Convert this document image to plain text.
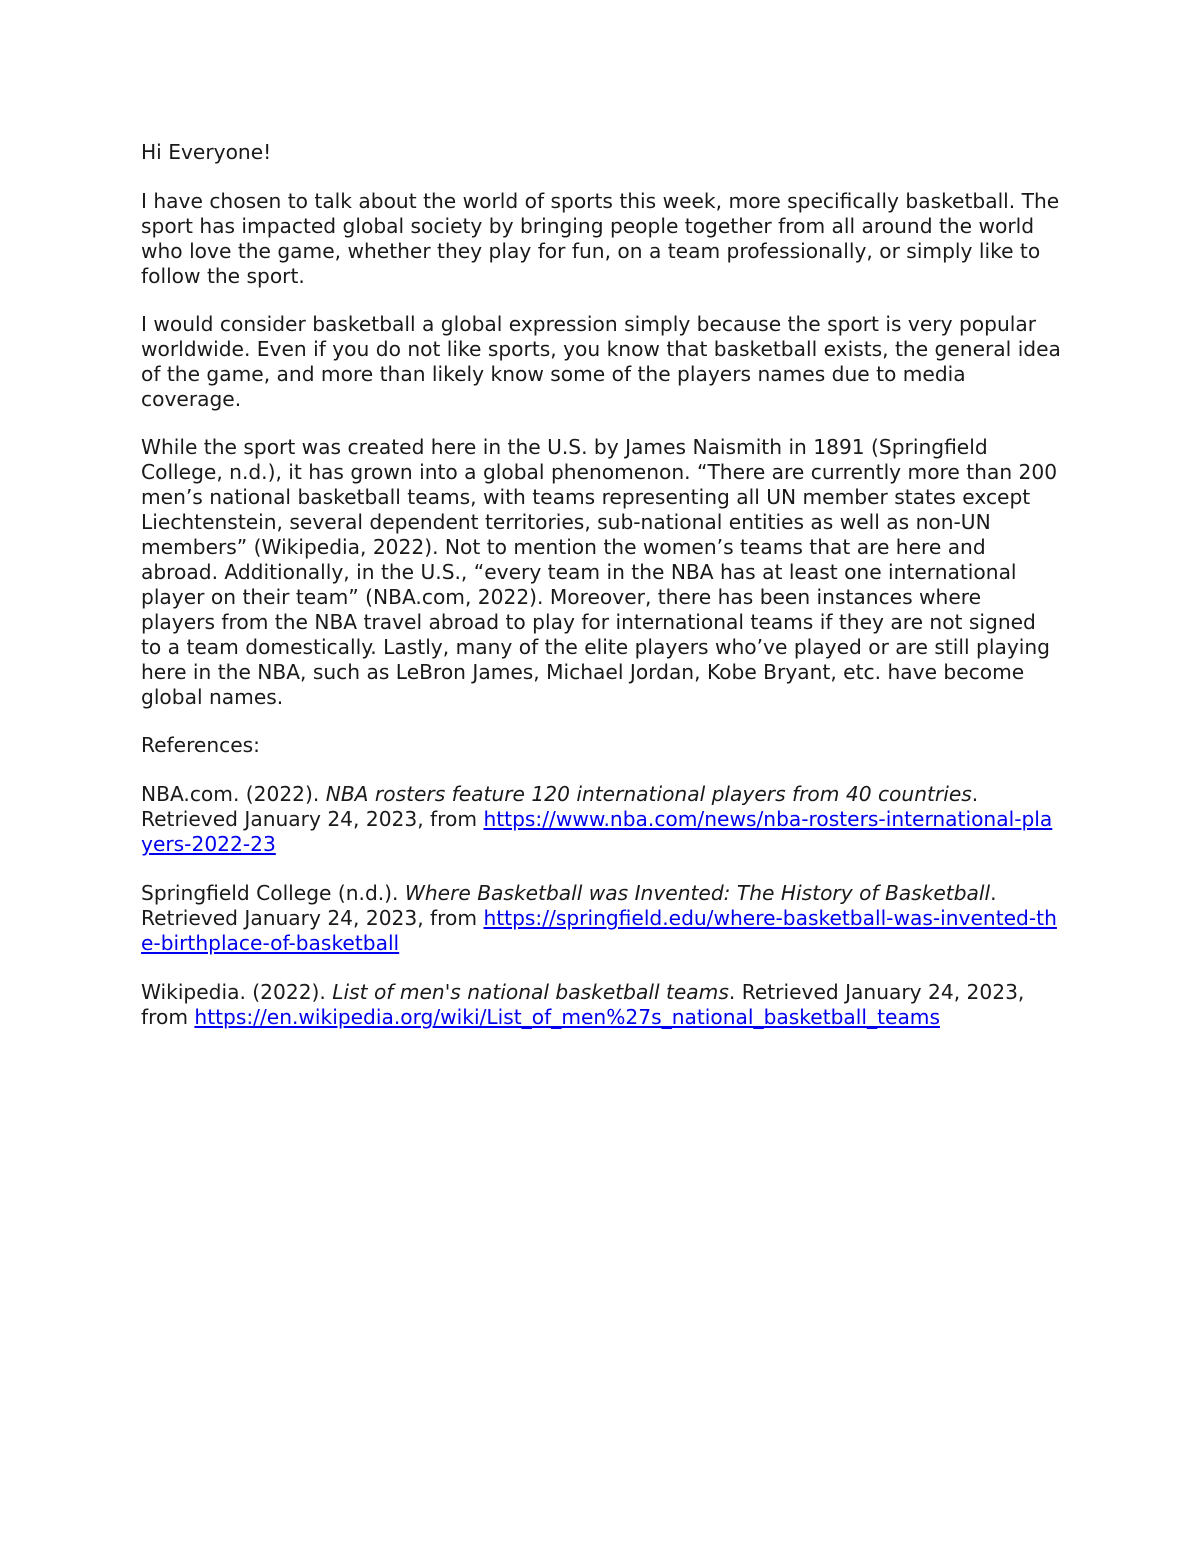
Hi Everyone!

I have chosen to talk about the world of sports this week, more specifically basketball. The sport has impacted global society by bringing people together from all around the world who love the game, whether they play for fun, on a team professionally, or simply like to follow the sport.

I would consider basketball a global expression simply because the sport is very popular worldwide. Even if you do not like sports, you know that basketball exists, the general idea of the game, and more than likely know some of the players names due to media coverage.

While the sport was created here in the U.S. by James Naismith in 1891 (Springfield College, n.d.), it has grown into a global phenomenon. “There are currently more than 200 men’s national basketball teams, with teams representing all UN member states except Liechtenstein, several dependent territories, sub-national entities as well as non-UN members” (Wikipedia, 2022). Not to mention the women’s teams that are here and abroad. Additionally, in the U.S., “every team in the NBA has at least one international player on their team” (NBA.com, 2022). Moreover, there has been instances where players from the NBA travel abroad to play for international teams if they are not signed to a team domestically. Lastly, many of the elite players who’ve played or are still playing here in the NBA, such as LeBron James, Michael Jordan, Kobe Bryant, etc. have become global names.

References:

NBA.com. (2022). NBA rosters feature 120 international players from 40 countries. Retrieved January 24, 2023, from https://www.nba.com/news/nba-rosters-international-players-2022-23

Springfield College (n.d.). Where Basketball was Invented: The History of Basketball. Retrieved January 24, 2023, from https://springfield.edu/where-basketball-was-invented-the-birthplace-of-basketball

Wikipedia. (2022). List of men's national basketball teams. Retrieved January 24, 2023, from https://en.wikipedia.org/wiki/List_of_men%27s_national_basketball_teams
